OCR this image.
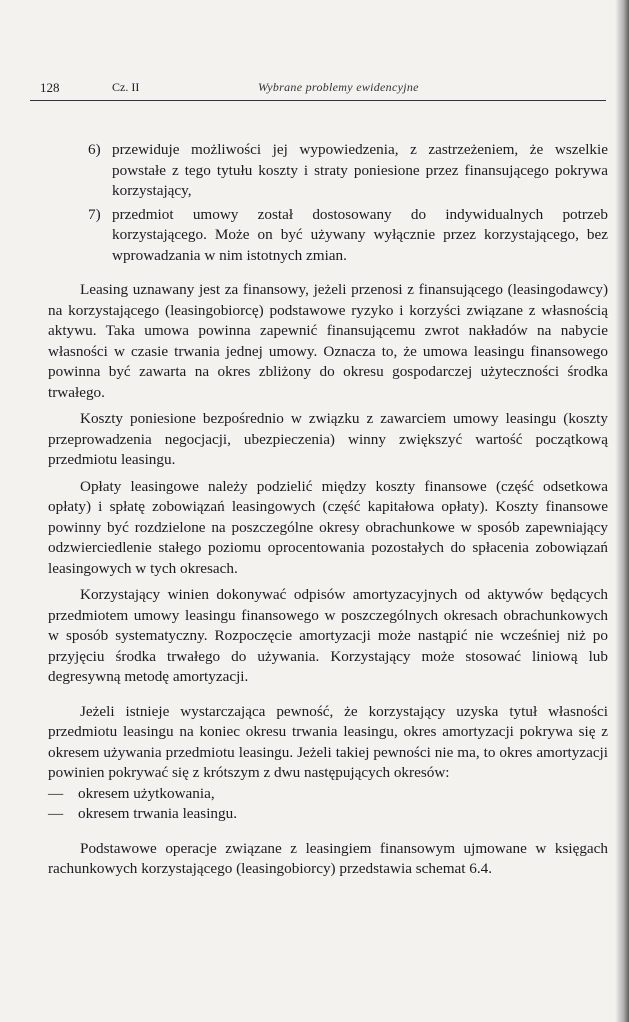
128	Cz. II	Wybrane problemy ewidencyjne
6) przewiduje możliwości jej wypowiedzenia, z zastrzeżeniem, że wszelkie powstałe z tego tytułu koszty i straty poniesione przez finansującego pokrywa korzystający,
7) przedmiot umowy został dostosowany do indywidualnych potrzeb korzystającego. Może on być używany wyłącznie przez korzystającego, bez wprowadzania w nim istotnych zmian.

Leasing uznawany jest za finansowy, jeżeli przenosi z finansującego (leasingodawcy) na korzystającego (leasingobiorcę) podstawowe ryzyko i korzyści związane z własnością aktywu. Taka umowa powinna zapewnić finansującemu zwrot nakładów na nabycie własności w czasie trwania jednej umowy. Oznacza to, że umowa leasingu finansowego powinna być zawarta na okres zbliżony do okresu gospodarczej użyteczności środka trwałego.

Koszty poniesione bezpośrednio w związku z zawarciem umowy leasingu (koszty przeprowadzenia negocjacji, ubezpieczenia) winny zwiększyć wartość początkową przedmiotu leasingu.

Opłaty leasingowe należy podzielić między koszty finansowe (część odsetkowa opłaty) i spłatę zobowiązań leasingowych (część kapitałowa opłaty). Koszty finansowe powinny być rozdzielone na poszczególne okresy obrachunkowe w sposób zapewniający odzwierciedlenie stałego poziomu oprocentowania pozostałych do spłacenia zobowiązań leasingowych w tych okresach.

Korzystający winien dokonywać odpisów amortyzacyjnych od aktywów będących przedmiotem umowy leasingu finansowego w poszczególnych okresach obrachunkowych w sposób systematyczny. Rozpoczęcie amortyzacji może nastąpić nie wcześniej niż po przyjęciu środka trwałego do używania. Korzystający może stosować liniową lub degresywną metodę amortyzacji.

Jeżeli istnieje wystarczająca pewność, że korzystający uzyska tytuł własności przedmiotu leasingu na koniec okresu trwania leasingu, okres amortyzacji pokrywa się z okresem używania przedmiotu leasingu. Jeżeli takiej pewności nie ma, to okres amortyzacji powinien pokrywać się z krótszym z dwu następujących okresów:

— okresem użytkowania,
— okresem trwania leasingu.

Podstawowe operacje związane z leasingiem finansowym ujmowane w księgach rachunkowych korzystającego (leasingobiorcy) przedstawia schemat 6.4.
